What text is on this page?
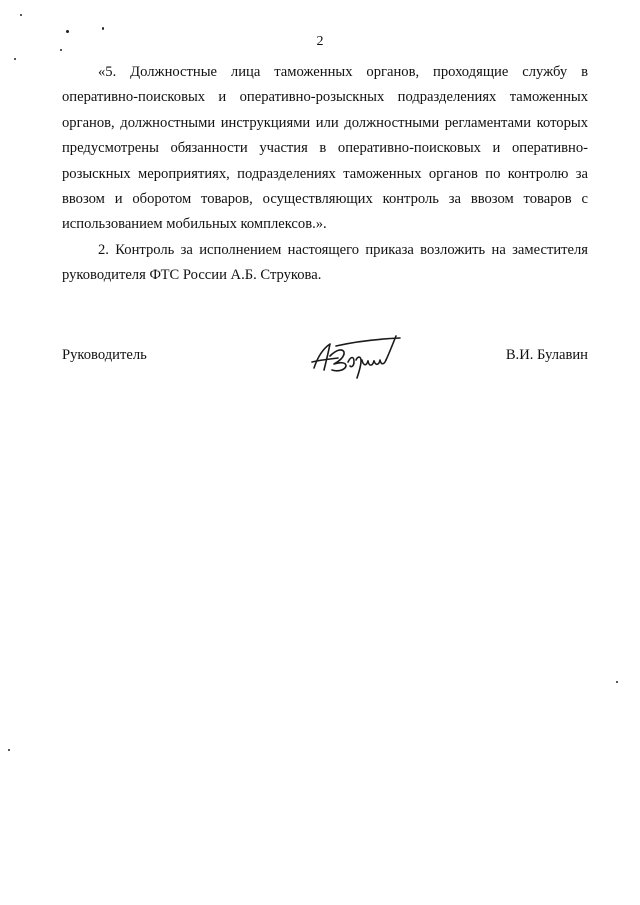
2

«5. Должностные лица таможенных органов, проходящие службу в оперативно-поисковых и оперативно-розыскных подразделениях таможенных органов, должностными инструкциями или должностными регламентами которых предусмотрены обязанности участия в оперативно-поисковых и оперативно-розыскных мероприятиях, подразделениях таможенных органов по контролю за ввозом и оборотом товаров, осуществляющих контроль за ввозом товаров с использованием мобильных комплексов.».

2. Контроль за исполнением настоящего приказа возложить на заместителя руководителя ФТС России А.Б. Струкова.

Руководитель	В.И. Булавин
